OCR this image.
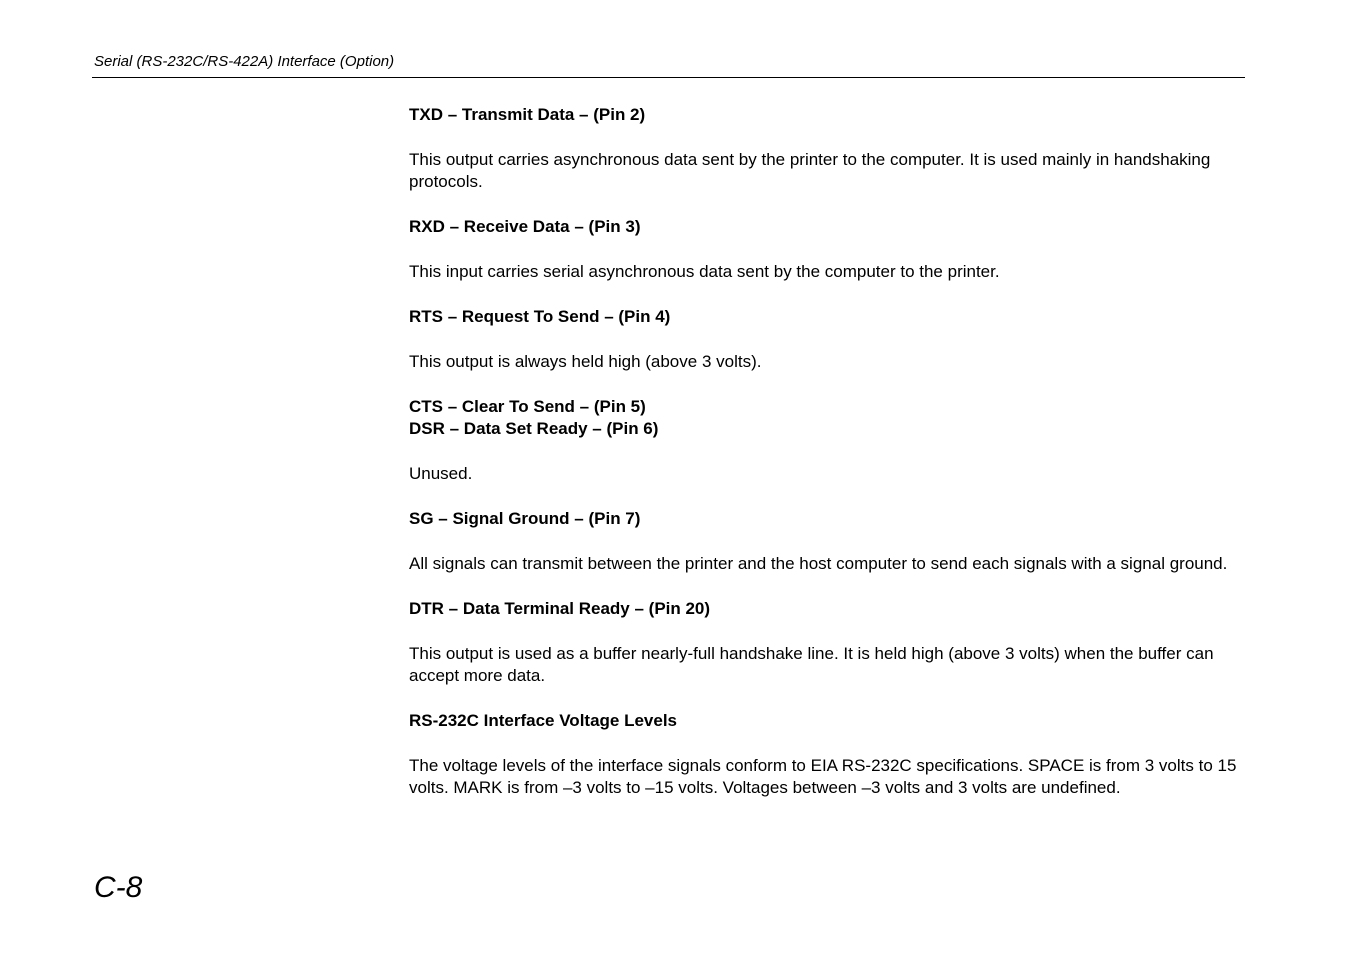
Serial (RS-232C/RS-422A) Interface (Option)

TXD – Transmit Data – (Pin 2)

This output carries asynchronous data sent by the printer to the computer. It is used mainly in handshaking protocols.

RXD – Receive Data – (Pin 3)

This input carries serial asynchronous data sent by the computer to the printer.

RTS – Request To Send – (Pin 4)

This output is always held high (above 3 volts).

CTS – Clear To Send – (Pin 5)

DSR – Data Set Ready – (Pin 6)

Unused.

SG – Signal Ground – (Pin 7)

All signals can transmit between the printer and the host computer to send each signals with a signal ground.

DTR – Data Terminal Ready – (Pin 20)

This output is used as a buffer nearly-full handshake line. It is held high (above 3 volts) when the buffer can accept more data.

RS-232C Interface Voltage Levels

The voltage levels of the interface signals conform to EIA RS-232C specifications. SPACE is from 3 volts to 15 volts. MARK is from –3 volts to –15 volts. Voltages between –3 volts and 3 volts are undefined.

C-8
